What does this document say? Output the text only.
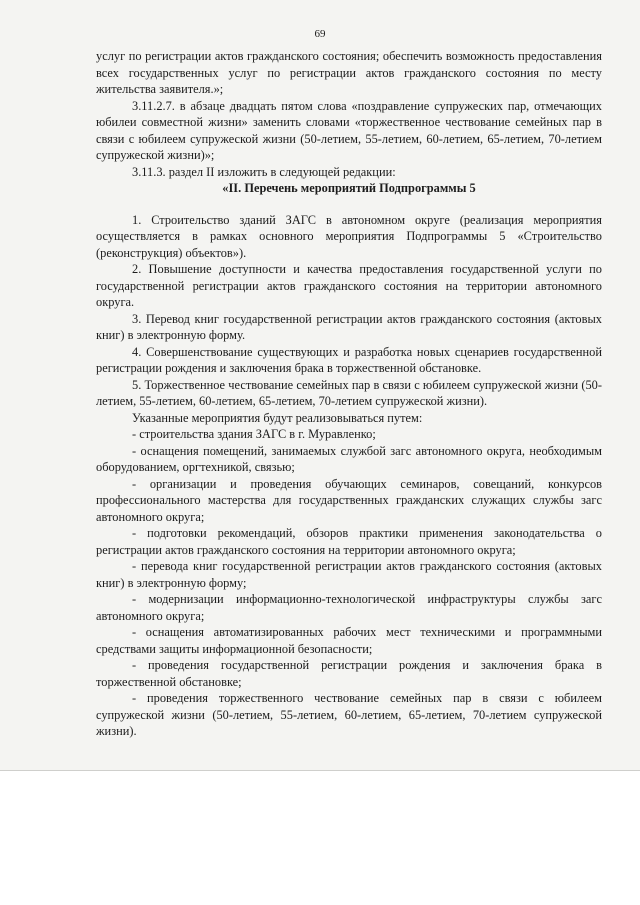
69

услуг по регистрации актов гражданского состояния; обеспечить возможность предоставления всех государственных услуг по регистрации актов гражданского состояния по месту жительства заявителя.»;

3.11.2.7. в абзаце двадцать пятом слова «поздравление супружеских пар, отмечающих юбилеи совместной жизни» заменить словами «торжественное чествование семейных пар в связи с юбилеем супружеской жизни (50-летием, 55-летием, 60-летием, 65-летием, 70-летием супружеской жизни)»;

3.11.3. раздел II изложить в следующей редакции:

«II. Перечень мероприятий Подпрограммы 5

1. Строительство зданий ЗАГС в автономном округе (реализация мероприятия осуществляется в рамках основного мероприятия Подпрограммы 5 «Строительство (реконструкция) объектов»).

2. Повышение доступности и качества предоставления государственной услуги по государственной регистрации актов гражданского состояния на территории автономного округа.

3. Перевод книг государственной регистрации актов гражданского состояния (актовых книг) в электронную форму.

4. Совершенствование существующих и разработка новых сценариев государственной регистрации рождения и заключения брака в торжественной обстановке.

5. Торжественное чествование семейных пар в связи с юбилеем супружеской жизни (50-летием, 55-летием, 60-летием, 65-летием, 70-летием супружеской жизни).

Указанные мероприятия будут реализовываться путем:

- строительства здания ЗАГС в г. Муравленко;

- оснащения помещений, занимаемых службой загс автономного округа, необходимым оборудованием, оргтехникой, связью;

- организации и проведения обучающих семинаров, совещаний, конкурсов профессионального мастерства для государственных гражданских служащих службы загс автономного округа;

- подготовки рекомендаций, обзоров практики применения законодательства о регистрации актов гражданского состояния на территории автономного округа;

- перевода книг государственной регистрации актов гражданского состояния (актовых книг) в электронную форму;

- модернизации информационно-технологической инфраструктуры службы загс автономного округа;

- оснащения автоматизированных рабочих мест техническими и программными средствами защиты информационной безопасности;

- проведения государственной регистрации рождения и заключения брака в торжественной обстановке;

- проведения торжественного чествование семейных пар в связи с юбилеем супружеской жизни (50-летием, 55-летием, 60-летием, 65-летием, 70-летием супружеской жизни).
